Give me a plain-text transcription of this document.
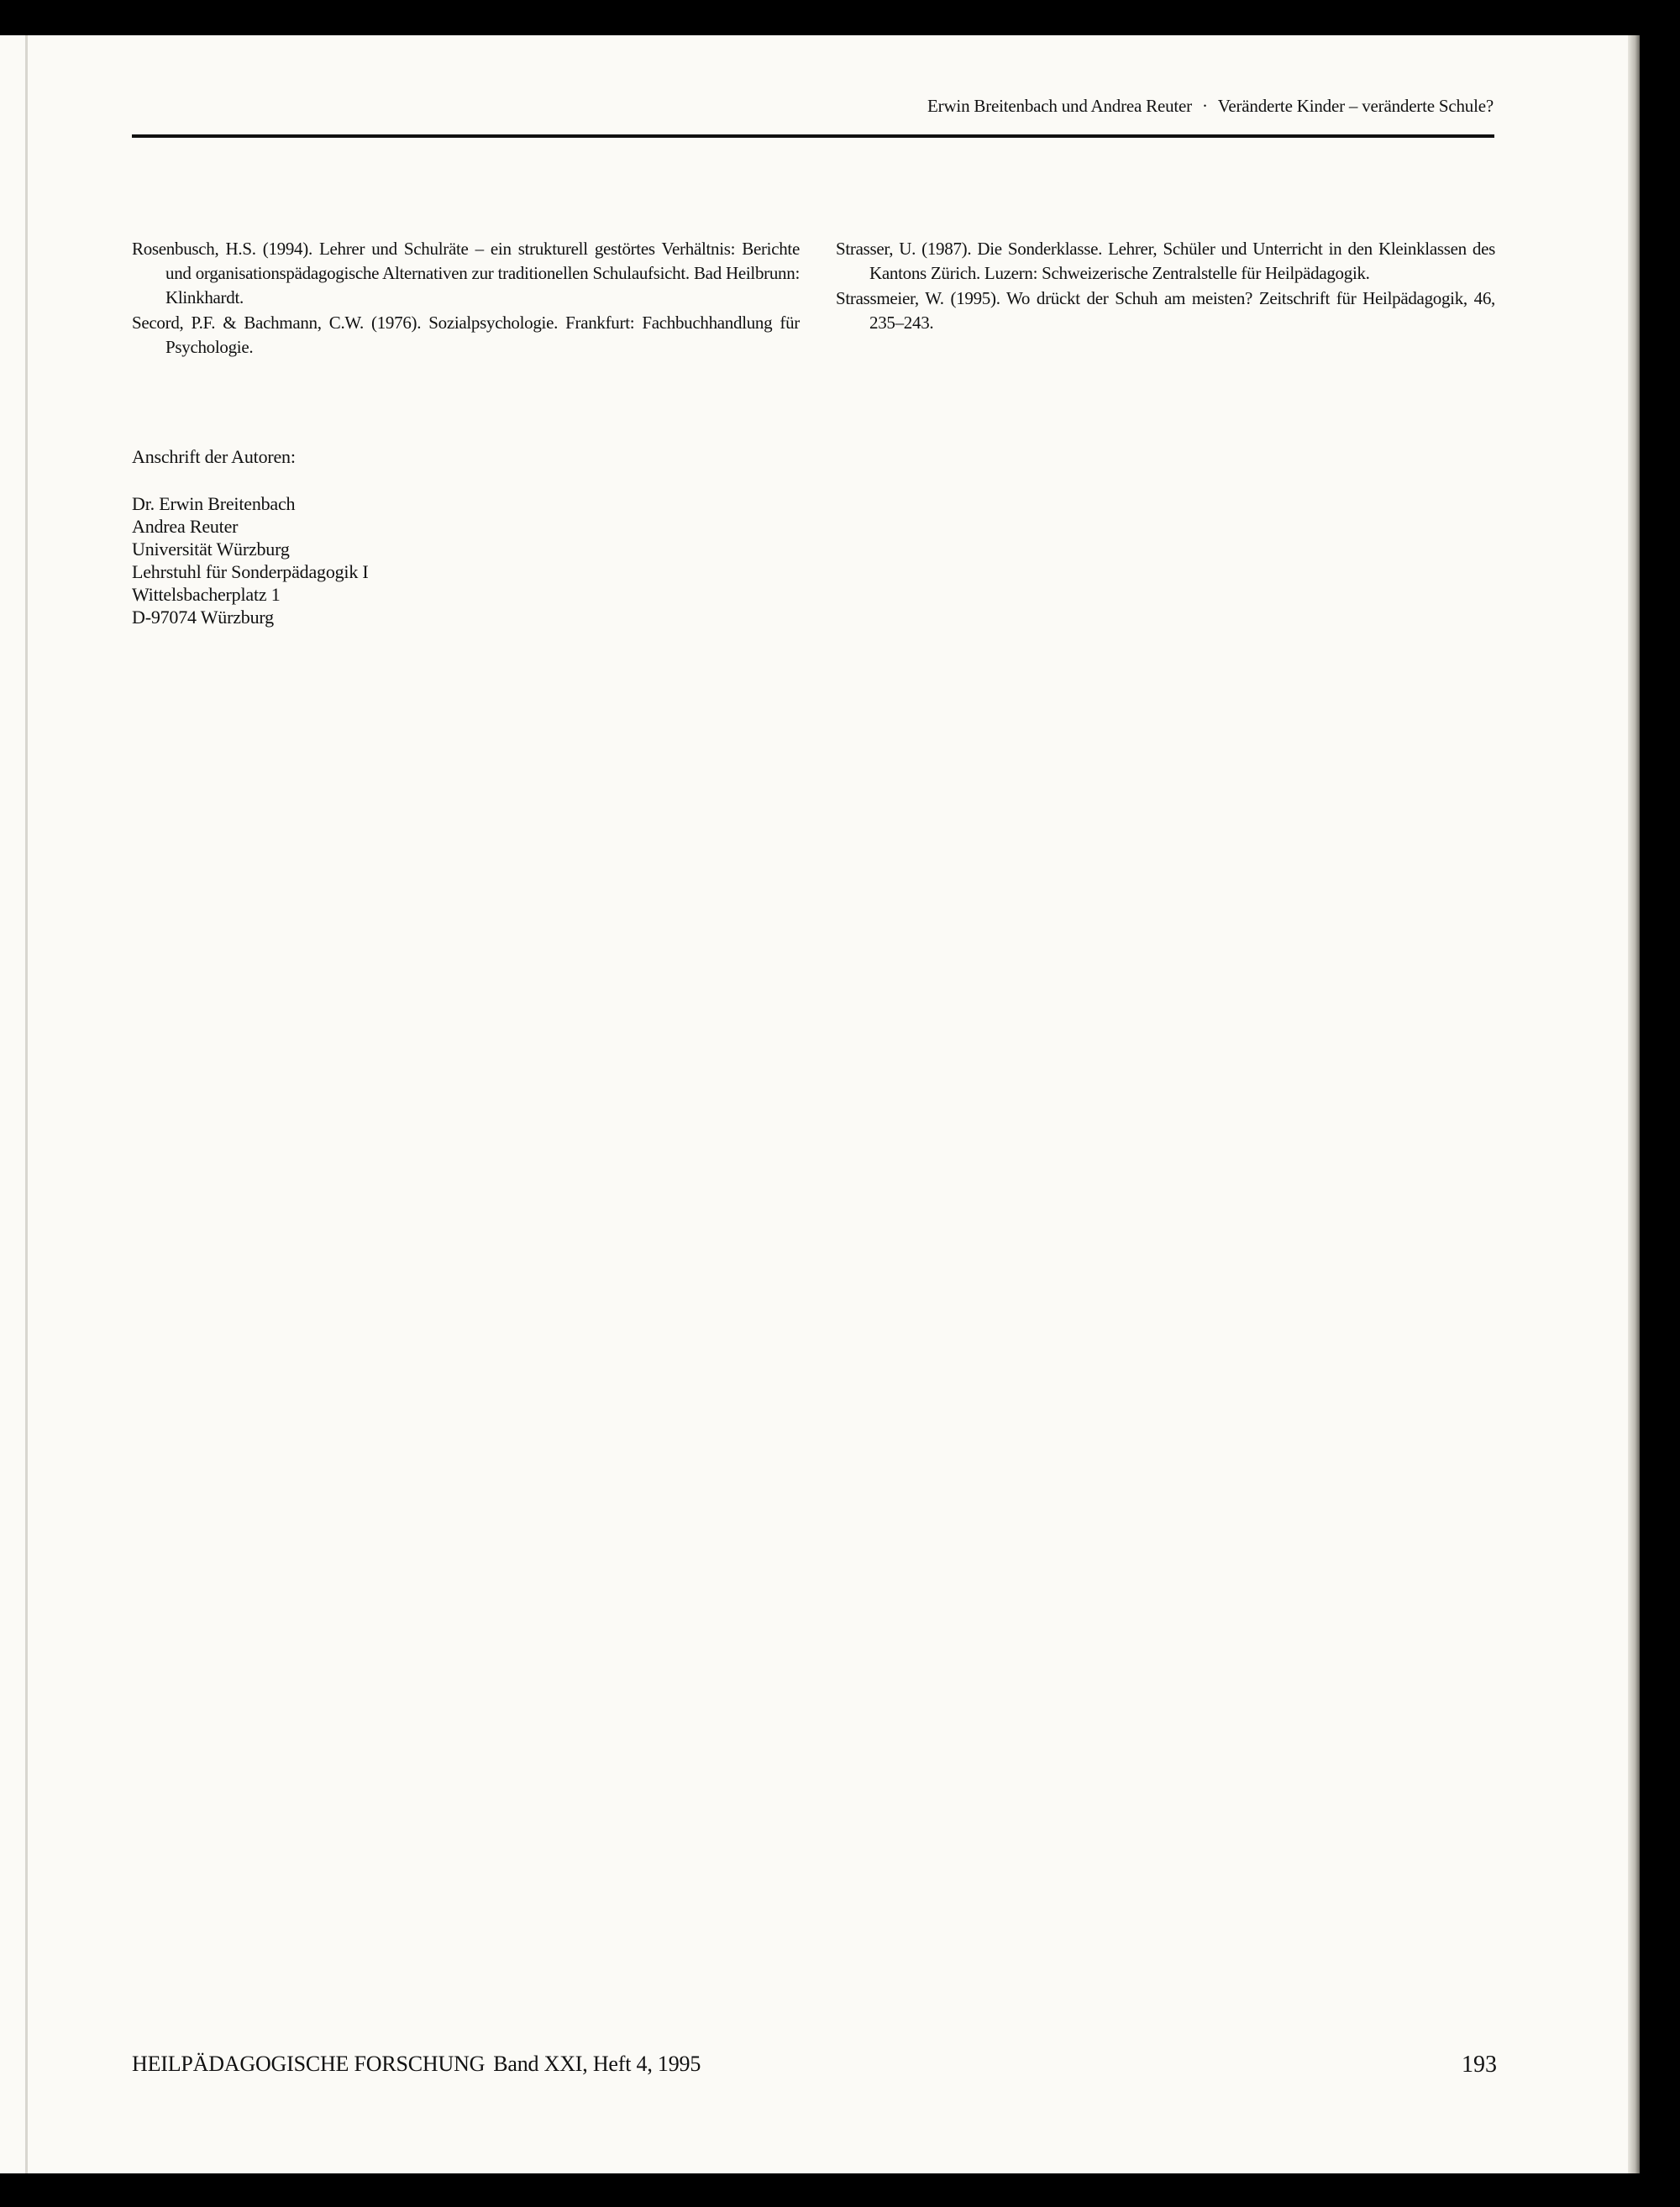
Erwin Breitenbach und Andrea Reuter · Veränderte Kinder – veränderte Schule?

Rosenbusch, H.S. (1994). Lehrer und Schulräte – ein strukturell gestörtes Verhältnis: Berichte und organisationspädagogische Alternativen zur traditionellen Schulaufsicht. Bad Heilbrunn: Klinkhardt.

Secord, P.F. & Bachmann, C.W. (1976). Sozialpsychologie. Frankfurt: Fachbuchhandlung für Psychologie.

Strasser, U. (1987). Die Sonderklasse. Lehrer, Schüler und Unterricht in den Kleinklassen des Kantons Zürich. Luzern: Schweizerische Zentralstelle für Heilpädagogik.

Strassmeier, W. (1995). Wo drückt der Schuh am meisten? Zeitschrift für Heilpädagogik, 46, 235–243.

Anschrift der Autoren:
Dr. Erwin Breitenbach
Andrea Reuter
Universität Würzburg
Lehrstuhl für Sonderpädagogik I
Wittelsbacherplatz 1
D-97074 Würzburg
HEILPÄDAGOGISCHE FORSCHUNG Band XXI, Heft 4, 1995	193
